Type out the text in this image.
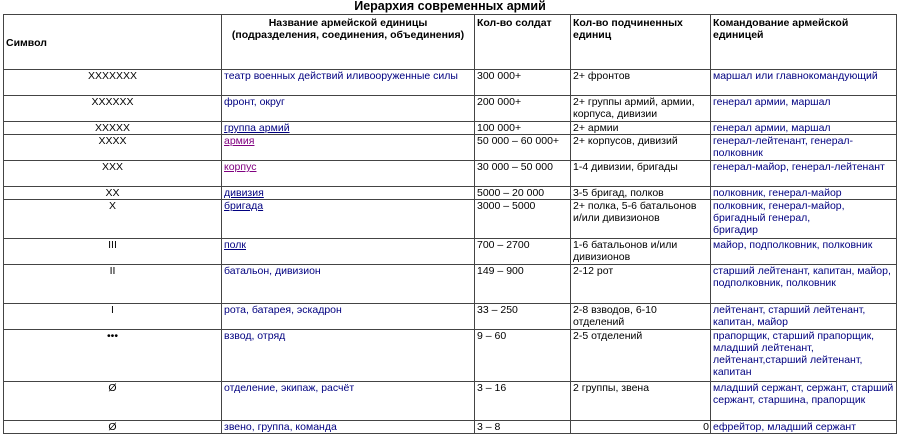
Иерархия современных армий
Символ	Название армейской единицы (подразделения, соединения, объединения)	Кол-во солдат	Кол-во подчиненных единиц	Командование армейской единицей
XXXXXXX	театр военных действий иливооруженные силы	300 000+	2+ фронтов	маршал или главнокомандующий
XXXXXX	фронт, округ	200 000+	2+ группы армий, армии, корпуса, дивизии	генерал армии, маршал
XXXXX	группа армий	100 000+	2+ армии	генерал армии, маршал
XXXX	армия	50 000 – 60 000+	2+ корпусов, дивизий	генерал-лейтенант, генерал-полковник
XXX	корпус	30 000 – 50 000	1-4 дивизии, бригады	генерал-майор, генерал-лейтенант
XX	дивизия	5000 – 20 000	3-5 бригад, полков	полковник, генерал-майор
X	бригада	3000 – 5000	2+ полка, 5-6 батальонов и/или дивизионов	полковник, генерал-майор, бригадный генерал, бригадир
III	полк	700 – 2700	1-6 батальонов и/или дивизионов	майор, подполковник, полковник
II	батальон, дивизион	149 – 900	2-12 рот	старший лейтенант, капитан, майор, подполковник, полковник
I	рота, батарея, эскадрон	33 – 250	2-8 взводов, 6-10 отделений	лейтенант, старший лейтенант, капитан, майор
•••	взвод, отряд	9 – 60	2-5 отделений	прапорщик, старший прапорщик, младший лейтенант, лейтенант,старший лейтенант, капитан
Ø	отделение, экипаж, расчёт	3 – 16	2 группы, звена	младший сержант, сержант, старший сержант, старшина, прапорщик
Ø	звено, группа, команда	3 – 8	0	ефрейтор, младший сержант
